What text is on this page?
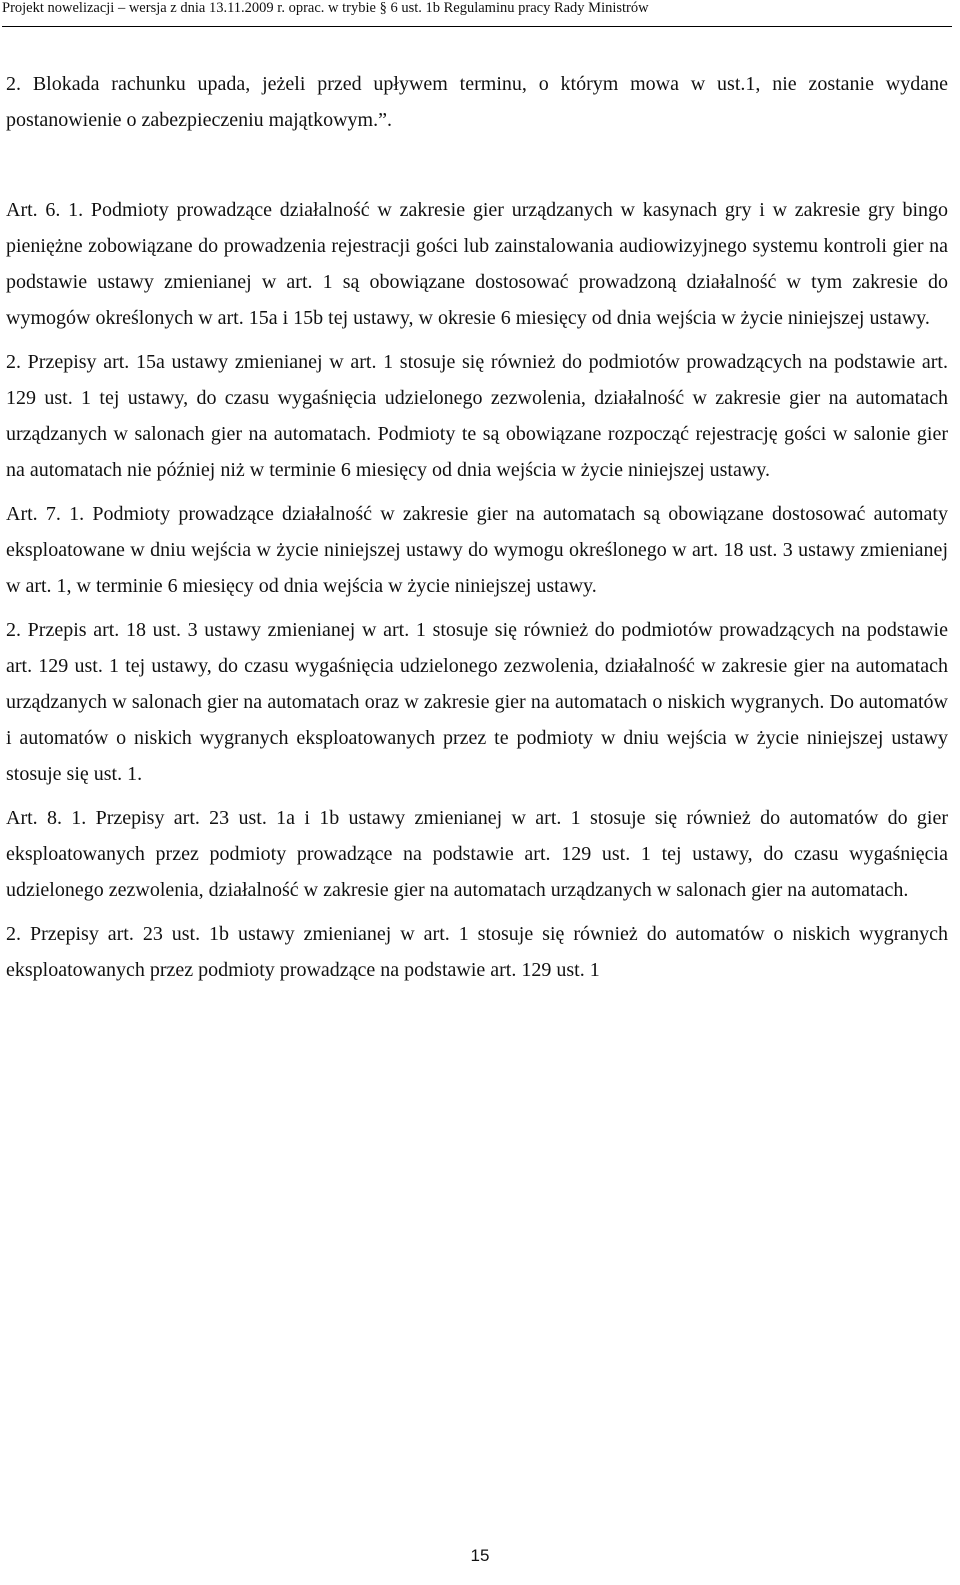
Projekt nowelizacji – wersja z dnia 13.11.2009 r. oprac. w trybie § 6 ust. 1b Regulaminu pracy Rady Ministrów

2. Blokada rachunku upada, jeżeli przed upływem terminu, o którym mowa w ust.1, nie zostanie wydane postanowienie o zabezpieczeniu majątkowym.”.

Art. 6. 1. Podmioty prowadzące działalność w zakresie gier urządzanych w kasynach gry i w zakresie gry bingo pieniężne zobowiązane do prowadzenia rejestracji gości lub zainstalowania audiowizyjnego systemu kontroli gier na podstawie ustawy zmienianej w art. 1 są obowiązane dostosować prowadzoną działalność w tym zakresie do wymogów określonych w art. 15a i 15b tej ustawy, w okresie 6 miesięcy od dnia wejścia w życie niniejszej ustawy.

2. Przepisy art. 15a ustawy zmienianej w art. 1 stosuje się również do podmiotów prowadzących na podstawie art. 129 ust. 1 tej ustawy, do czasu wygaśnięcia udzielonego zezwolenia, działalność w zakresie gier na automatach urządzanych w salonach gier na automatach. Podmioty te są obowiązane rozpocząć rejestrację gości w salonie gier na automatach nie później niż w terminie 6 miesięcy od dnia wejścia w życie niniejszej ustawy.

Art. 7. 1. Podmioty prowadzące działalność w zakresie gier na automatach są obowiązane dostosować automaty eksploatowane w dniu wejścia w życie niniejszej ustawy do wymogu określonego w art. 18 ust. 3 ustawy zmienianej w art. 1, w terminie 6 miesięcy od dnia wejścia w życie niniejszej ustawy.

2. Przepis art. 18 ust. 3 ustawy zmienianej w art. 1 stosuje się również do podmiotów prowadzących na podstawie art. 129 ust. 1 tej ustawy, do czasu wygaśnięcia udzielonego zezwolenia, działalność w zakresie gier na automatach urządzanych w salonach gier na automatach oraz w zakresie gier na automatach o niskich wygranych. Do automatów i automatów o niskich wygranych eksploatowanych przez te podmioty w dniu wejścia w życie niniejszej ustawy stosuje się ust. 1.

Art. 8. 1. Przepisy art. 23 ust. 1a i 1b ustawy zmienianej w art. 1 stosuje się również do automatów do gier eksploatowanych przez podmioty prowadzące na podstawie art. 129 ust. 1 tej ustawy, do czasu wygaśnięcia udzielonego zezwolenia, działalność w zakresie gier na automatach urządzanych w salonach gier na automatach.

2. Przepisy art. 23 ust. 1b ustawy zmienianej w art. 1 stosuje się również do automatów o niskich wygranych eksploatowanych przez podmioty prowadzące na podstawie art. 129 ust. 1

15
